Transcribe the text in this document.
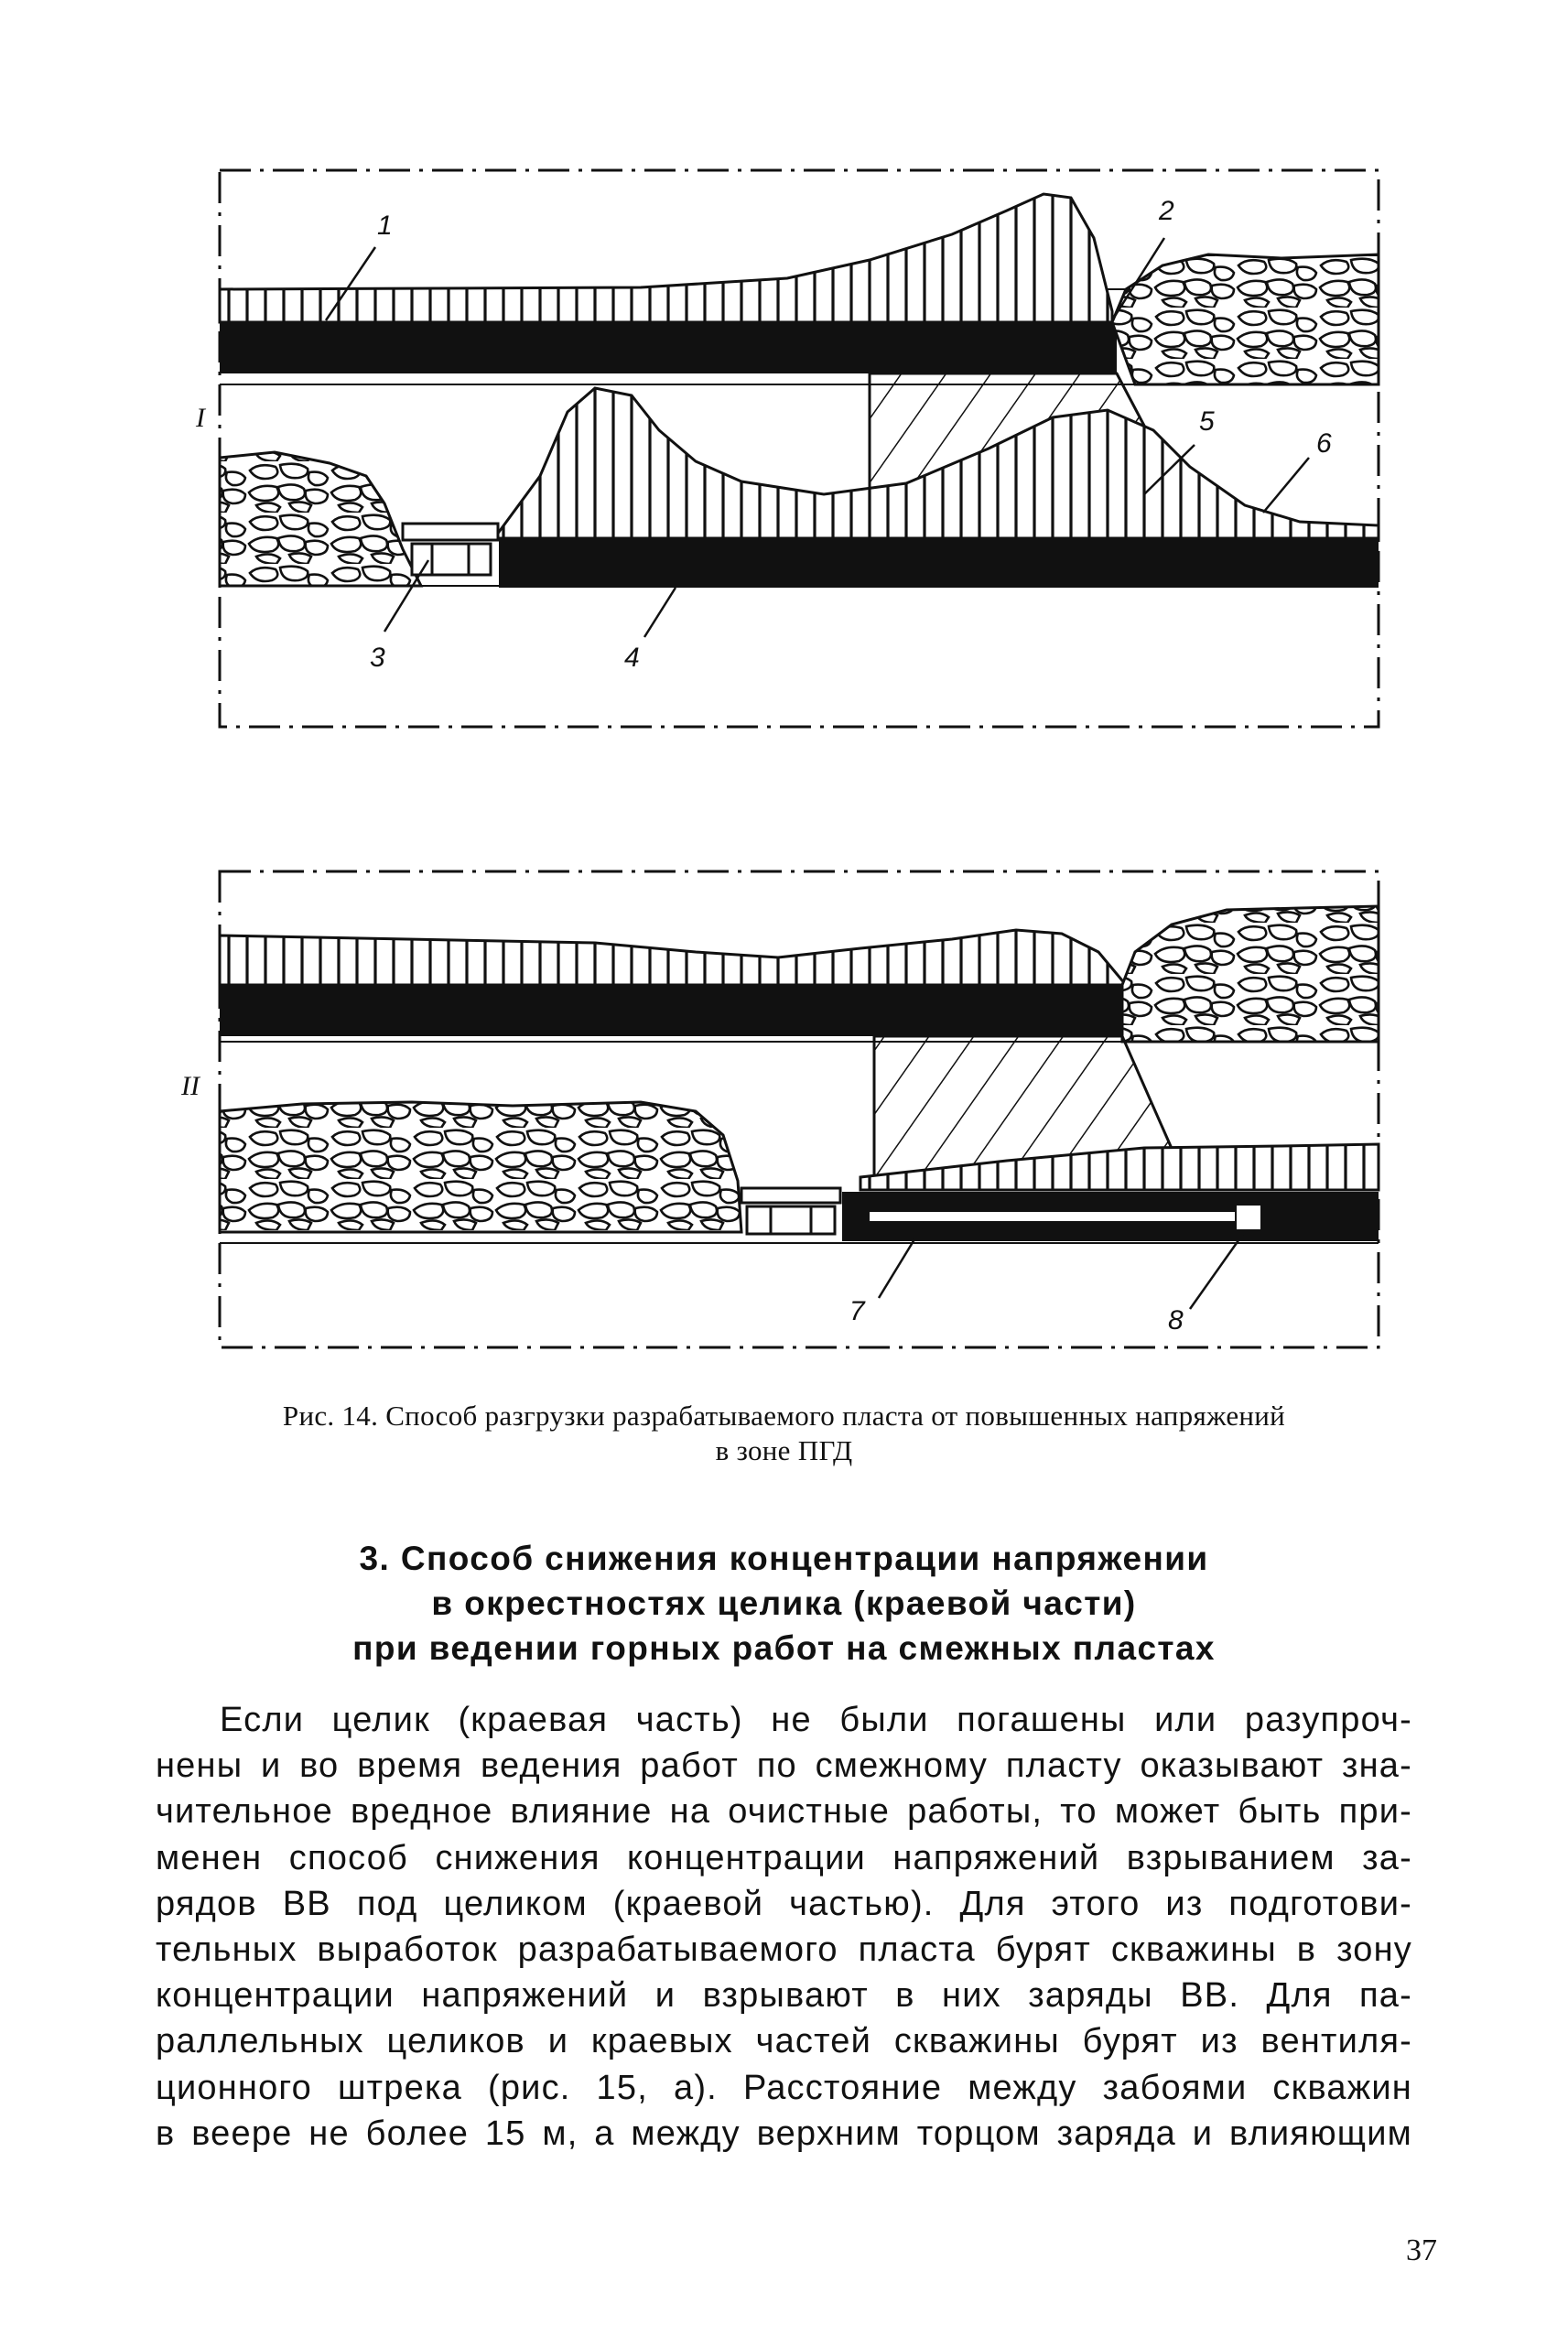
I
II
1	2
3	4
5
6
7	8
Рис. 14. Способ разгрузки разрабатываемого пласта от повышенных напряжений
в зоне ПГД
3. Способ снижения концентрации напряжении
в окрестностях целика (краевой части)
при ведении горных работ на смежных пластах
Если целик (краевая часть) не были погашены или разупроч-
нены и во время ведения работ по смежному пласту оказывают зна-
чительное вредное влияние на очистные работы, то может быть при-
менен способ снижения концентрации напряжений взрыванием за-
рядов ВВ под целиком (краевой частью). Для этого из подготови-
тельных выработок разрабатываемого пласта бурят скважины в зону
концентрации напряжений и взрывают в них заряды ВВ. Для па-
раллельных целиков и краевых частей скважины бурят из вентиля-
ционного штрека (рис. 15, а). Расстояние между забоями скважин
в веере не более 15 м, а между верхним торцом заряда и влияющим
37
